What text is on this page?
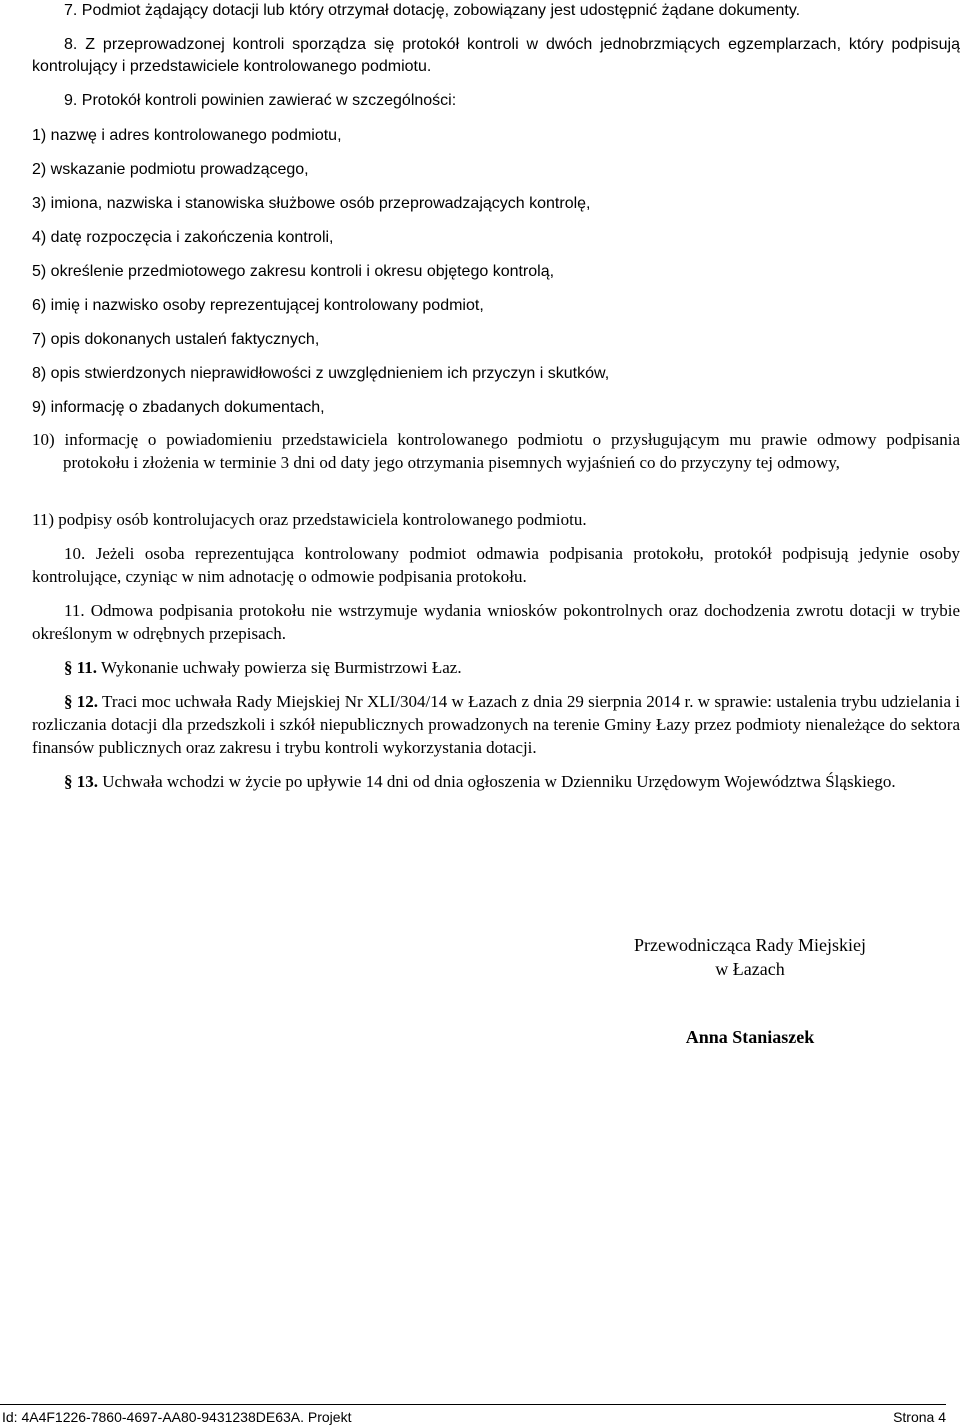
7. Podmiot żądający dotacji lub który otrzymał dotację, zobowiązany jest udostępnić żądane dokumenty.

8. Z przeprowadzonej kontroli sporządza się protokół kontroli w dwóch jednobrzmiących egzemplarzach, który podpisują kontrolujący i przedstawiciele kontrolowanego podmiotu.

9. Protokół kontroli powinien zawierać w szczególności:

1) nazwę i adres kontrolowanego podmiotu,

2) wskazanie podmiotu prowadzącego,

3) imiona, nazwiska i stanowiska służbowe osób przeprowadzających kontrolę,

4) datę rozpoczęcia i zakończenia kontroli,

5) określenie przedmiotowego zakresu kontroli i okresu objętego kontrolą,

6) imię i nazwisko osoby reprezentującej kontrolowany podmiot,

7) opis dokonanych ustaleń faktycznych,

8) opis stwierdzonych nieprawidłowości z uwzględnieniem ich przyczyn i skutków,

9) informację o zbadanych dokumentach,

10) informację o powiadomieniu przedstawiciela kontrolowanego podmiotu o przysługującym mu prawie odmowy podpisania protokołu i złożenia w terminie 3 dni od daty jego otrzymania pisemnych wyjaśnień co do przyczyny tej odmowy,

11) podpisy osób kontrolujacych oraz przedstawiciela kontrolowanego podmiotu.

10. Jeżeli osoba reprezentująca kontrolowany podmiot odmawia podpisania protokołu, protokół podpisują jedynie osoby kontrolujące, czyniąc w nim adnotację o odmowie podpisania protokołu.

11. Odmowa podpisania protokołu nie wstrzymuje wydania wniosków pokontrolnych oraz dochodzenia zwrotu dotacji w trybie określonym w odrębnych przepisach.

§ 11. Wykonanie uchwały powierza się Burmistrzowi Łaz.

§ 12. Traci moc uchwała Rady Miejskiej Nr XLI/304/14 w Łazach z dnia 29 sierpnia 2014 r. w sprawie: ustalenia trybu udzielania i rozliczania dotacji dla przedszkoli i szkół niepublicznych prowadzonych na terenie Gminy Łazy przez podmioty nienależące do sektora finansów publicznych oraz zakresu i trybu kontroli wykorzystania dotacji.

§ 13. Uchwała wchodzi w życie po upływie 14 dni od dnia ogłoszenia w Dzienniku Urzędowym Województwa Śląskiego.

Przewodnicząca Rady Miejskiej
w Łazach
Anna Staniaszek
Id: 4A4F1226-7860-4697-AA80-9431238DE63A. Projekt	Strona 4
